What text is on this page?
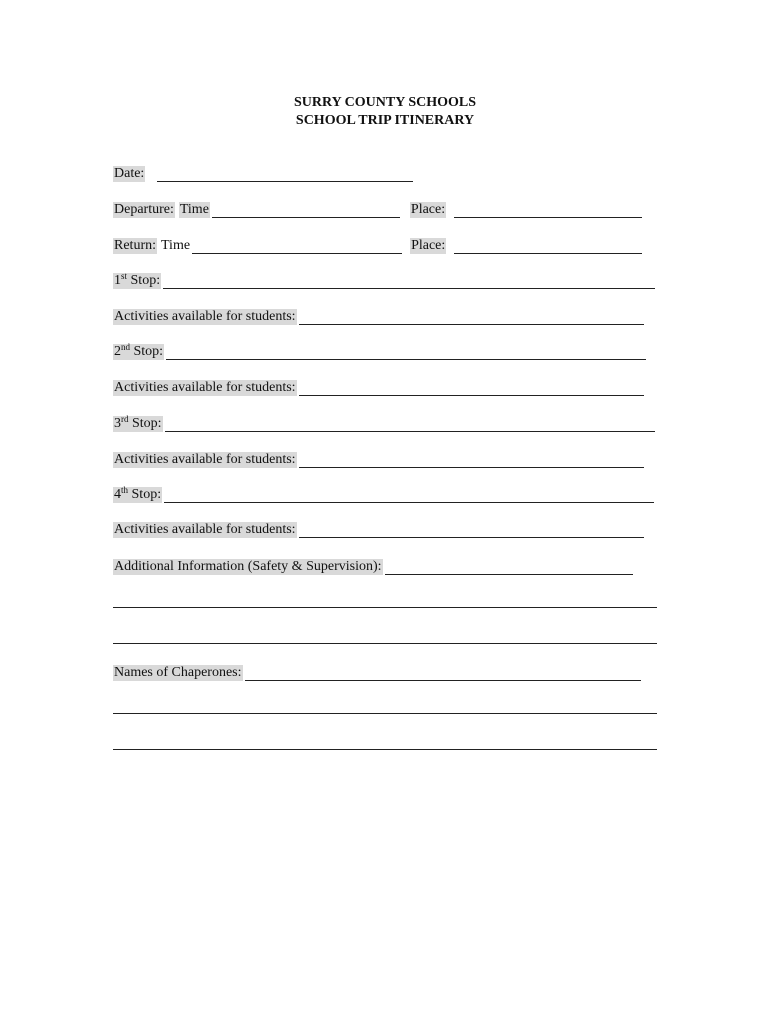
SURRY COUNTY SCHOOLS
SCHOOL TRIP ITINERARY
Date:
Departure: Time	Place:
Return: Time	Place:
1st Stop:
Activities available for students:
2nd Stop:
Activities available for students:
3rd Stop:
Activities available for students:
4th Stop:
Activities available for students:
Additional Information (Safety & Supervision):
Names of Chaperones:
